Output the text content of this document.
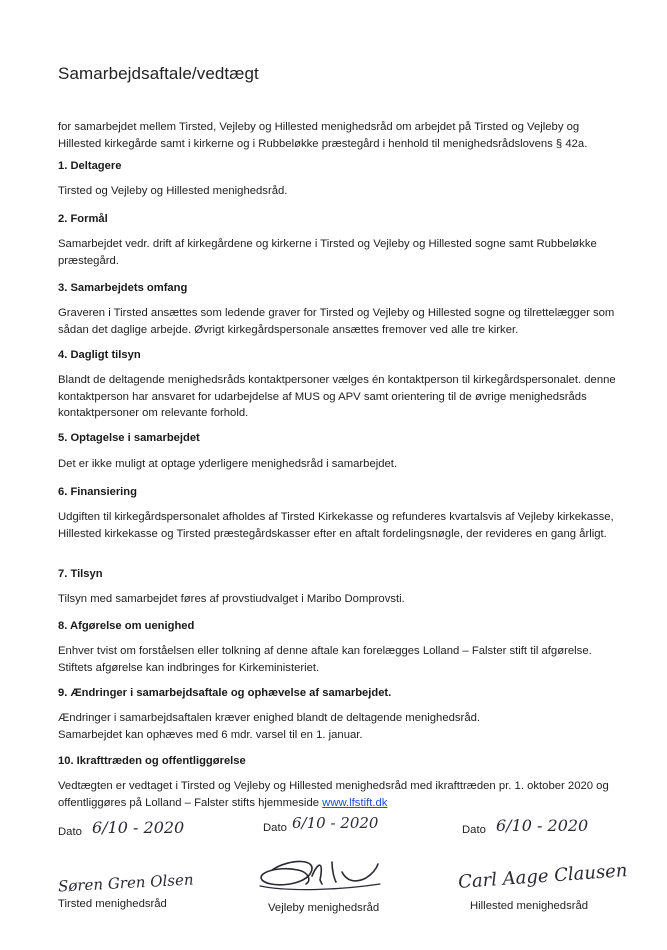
Samarbejdsaftale/vedtægt
for samarbejdet mellem Tirsted, Vejleby og Hillested menighedsråd om arbejdet på Tirsted og Vejleby og Hillested kirkegårde samt i kirkerne og i Rubbeløkke præstegård i henhold til menighedsrådslovens § 42a.
1. Deltagere
Tirsted og Vejleby og Hillested menighedsråd.
2. Formål
Samarbejdet vedr. drift af kirkegårdene og kirkerne i Tirsted og Vejleby og Hillested sogne samt Rubbeløkke præstegård.
3. Samarbejdets omfang
Graveren i Tirsted ansættes som ledende graver for Tirsted og Vejleby og Hillested sogne og tilrettelægger som sådan det daglige arbejde. Øvrigt kirkegårdspersonale ansættes fremover ved alle tre kirker.
4. Dagligt tilsyn
Blandt de deltagende menighedsråds kontaktpersoner vælges én kontaktperson til kirkegårdspersonalet. denne kontaktperson har ansvaret for udarbejdelse af MUS og APV samt orientering til de øvrige menighedsråds kontaktpersoner om relevante forhold.
5. Optagelse i samarbejdet
Det er ikke muligt at optage yderligere menighedsråd i samarbejdet.
6. Finansiering
Udgiften til kirkegårdspersonalet afholdes af Tirsted Kirkekasse og refunderes kvartalsvis af Vejleby kirkekasse, Hillested kirkekasse og Tirsted præstegårdskasser efter en aftalt fordelingsnøgle, der revideres en gang årligt.
7. Tilsyn
Tilsyn med samarbejdet føres af provstiudvalget i Maribo Domprovsti.
8. Afgørelse om uenighed
Enhver tvist om forståelsen eller tolkning af denne aftale kan forelægges Lolland – Falster stift til afgørelse. Stiftets afgørelse kan indbringes for Kirkeministeriet.
9. Ændringer i samarbejdsaftale og ophævelse af samarbejdet.
Ændringer i samarbejdsaftalen kræver enighed blandt de deltagende menighedsråd.
Samarbejdet kan ophæves med 6 mdr. varsel til en 1. januar.
10. Ikrafttræden og offentliggørelse
Vedtægten er vedtaget i Tirsted og Vejleby og Hillested menighedsråd med ikrafttræden pr. 1. oktober 2020 og offentliggøres på Lolland – Falster stifts hjemmeside www.lfstift.dk
Dato 6/10 - 2020
Søren Gren Olsen
Tirsted menighedsråd
Dato 6/10 - 2020
Vejleby menighedsråd
Dato 6/10 - 2020
Carl Aage Clausen
Hillested menighedsråd
